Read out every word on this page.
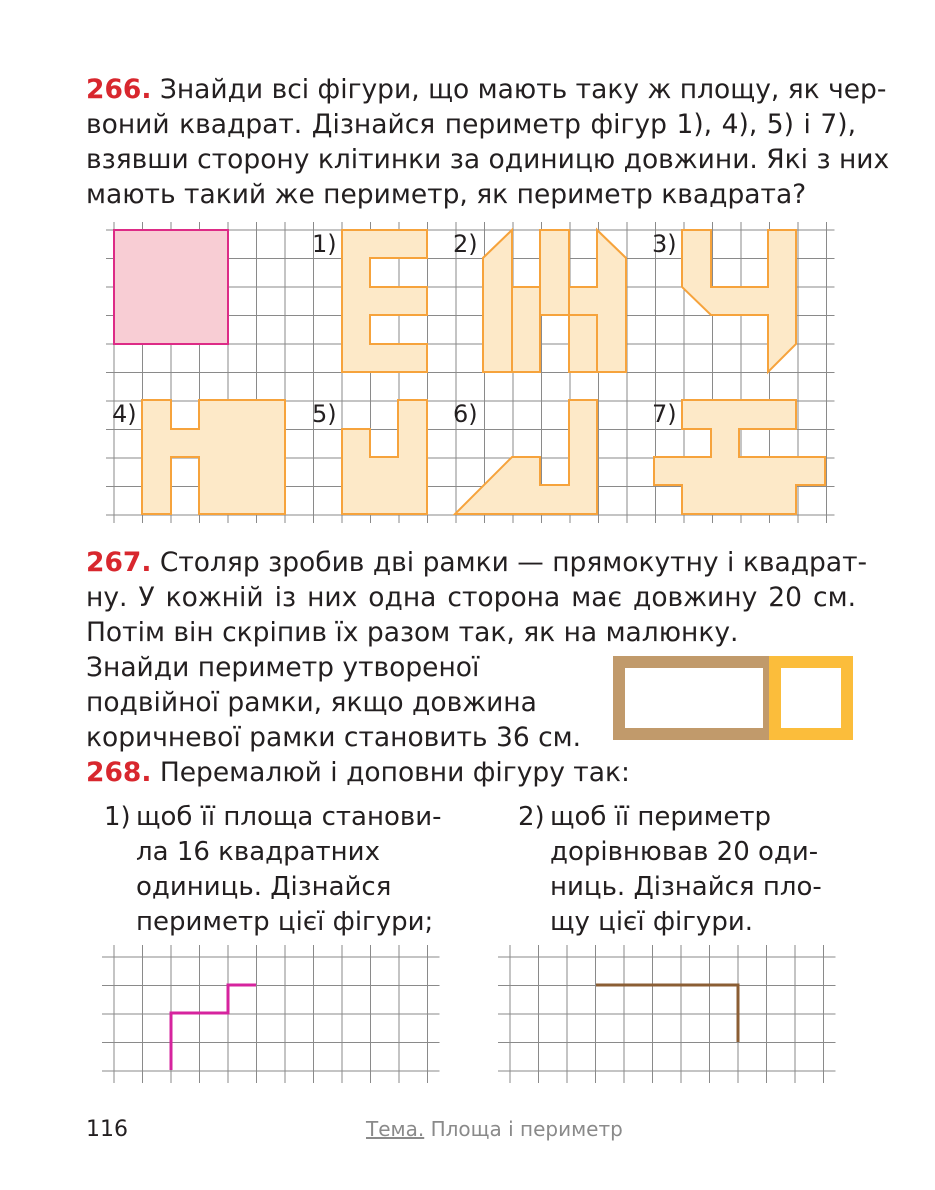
266. Знайди всі фігури, що мають таку ж площу, як чер-
воний квадрат. Дізнайся периметр фігур 1), 4), 5) і 7),
взявши сторону клітинки за одиницю довжини. Які з них
мають такий же периметр, як периметр квадрата?
1)	2)	3)
4)	5)	6)	7)
267. Столяр зробив дві рамки — прямокутну і квадрат-
ну. У кожній із них одна сторона має довжину 20 см.
Потім він скріпив їх разом так, як на малюнку.
Знайди периметр утвореної
подвійної рамки, якщо довжина
коричневої рамки становить 36 см.
268. Перемалюй і доповни фігуру так:
1) щоб її площа станови-
ла 16 квадратних
одиниць. Дізнайся
периметр цієї фігури;
2) щоб її периметр
дорівнював 20 оди-
ниць. Дізнайся пло-
щу цієї фігури.
116	Тема. Площа і периметр
